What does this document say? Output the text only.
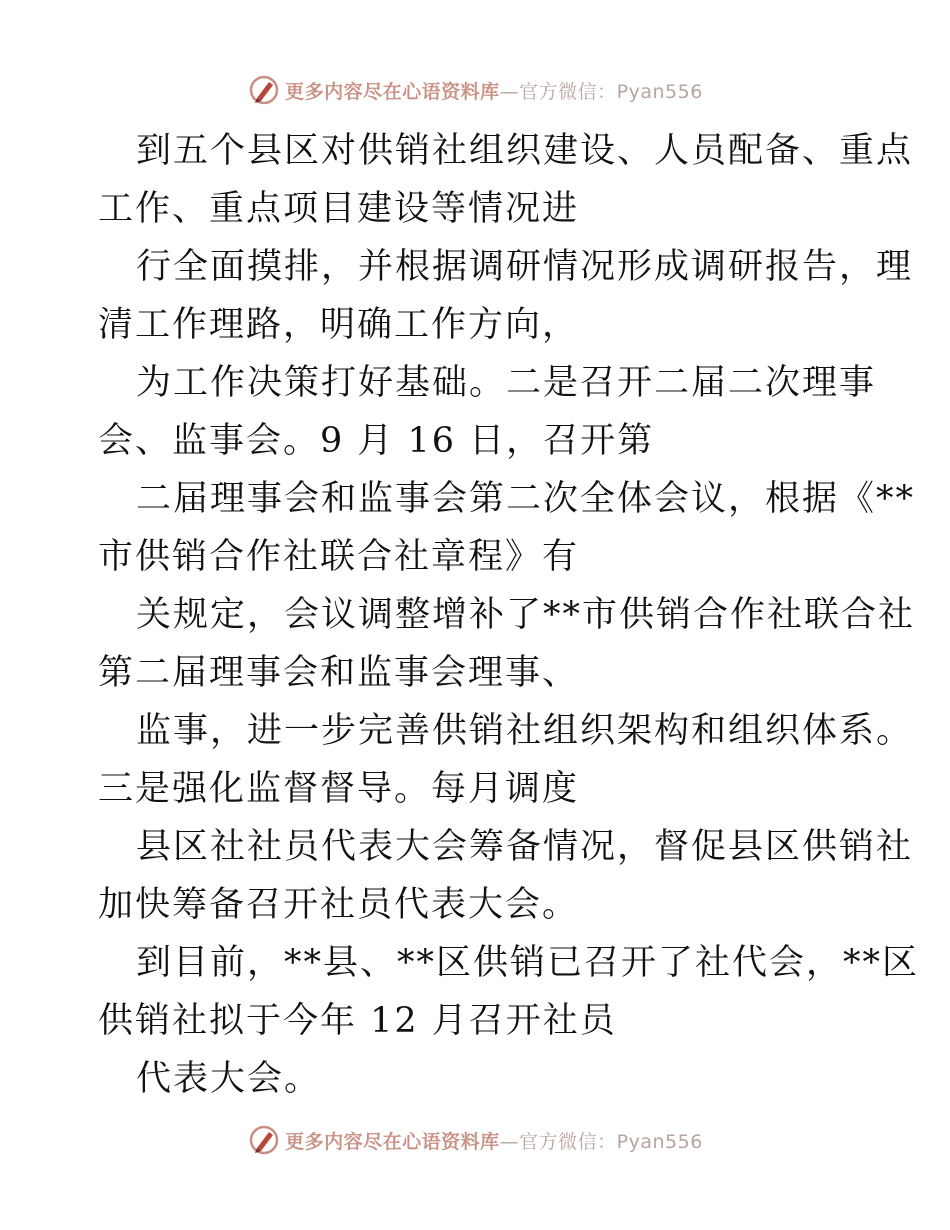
更多内容尽在心语资料库—官方微信：Pyan556
到五个县区对供销社组织建设、人员配备、重点
工作、重点项目建设等情况进
行全面摸排，并根据调研情况形成调研报告，理
清工作理路，明确工作方向，
为工作决策打好基础。二是召开二届二次理事
会、监事会。9 月 16 日，召开第
二届理事会和监事会第二次全体会议，根据《**
市供销合作社联合社章程》有
关规定，会议调整增补了**市供销合作社联合社
第二届理事会和监事会理事、
监事，进一步完善供销社组织架构和组织体系。
三是强化监督督导。每月调度
县区社社员代表大会筹备情况，督促县区供销社
加快筹备召开社员代表大会。
到目前，**县、**区供销已召开了社代会，**区
供销社拟于今年 12 月召开社员
代表大会。
更多内容尽在心语资料库—官方微信：Pyan556
